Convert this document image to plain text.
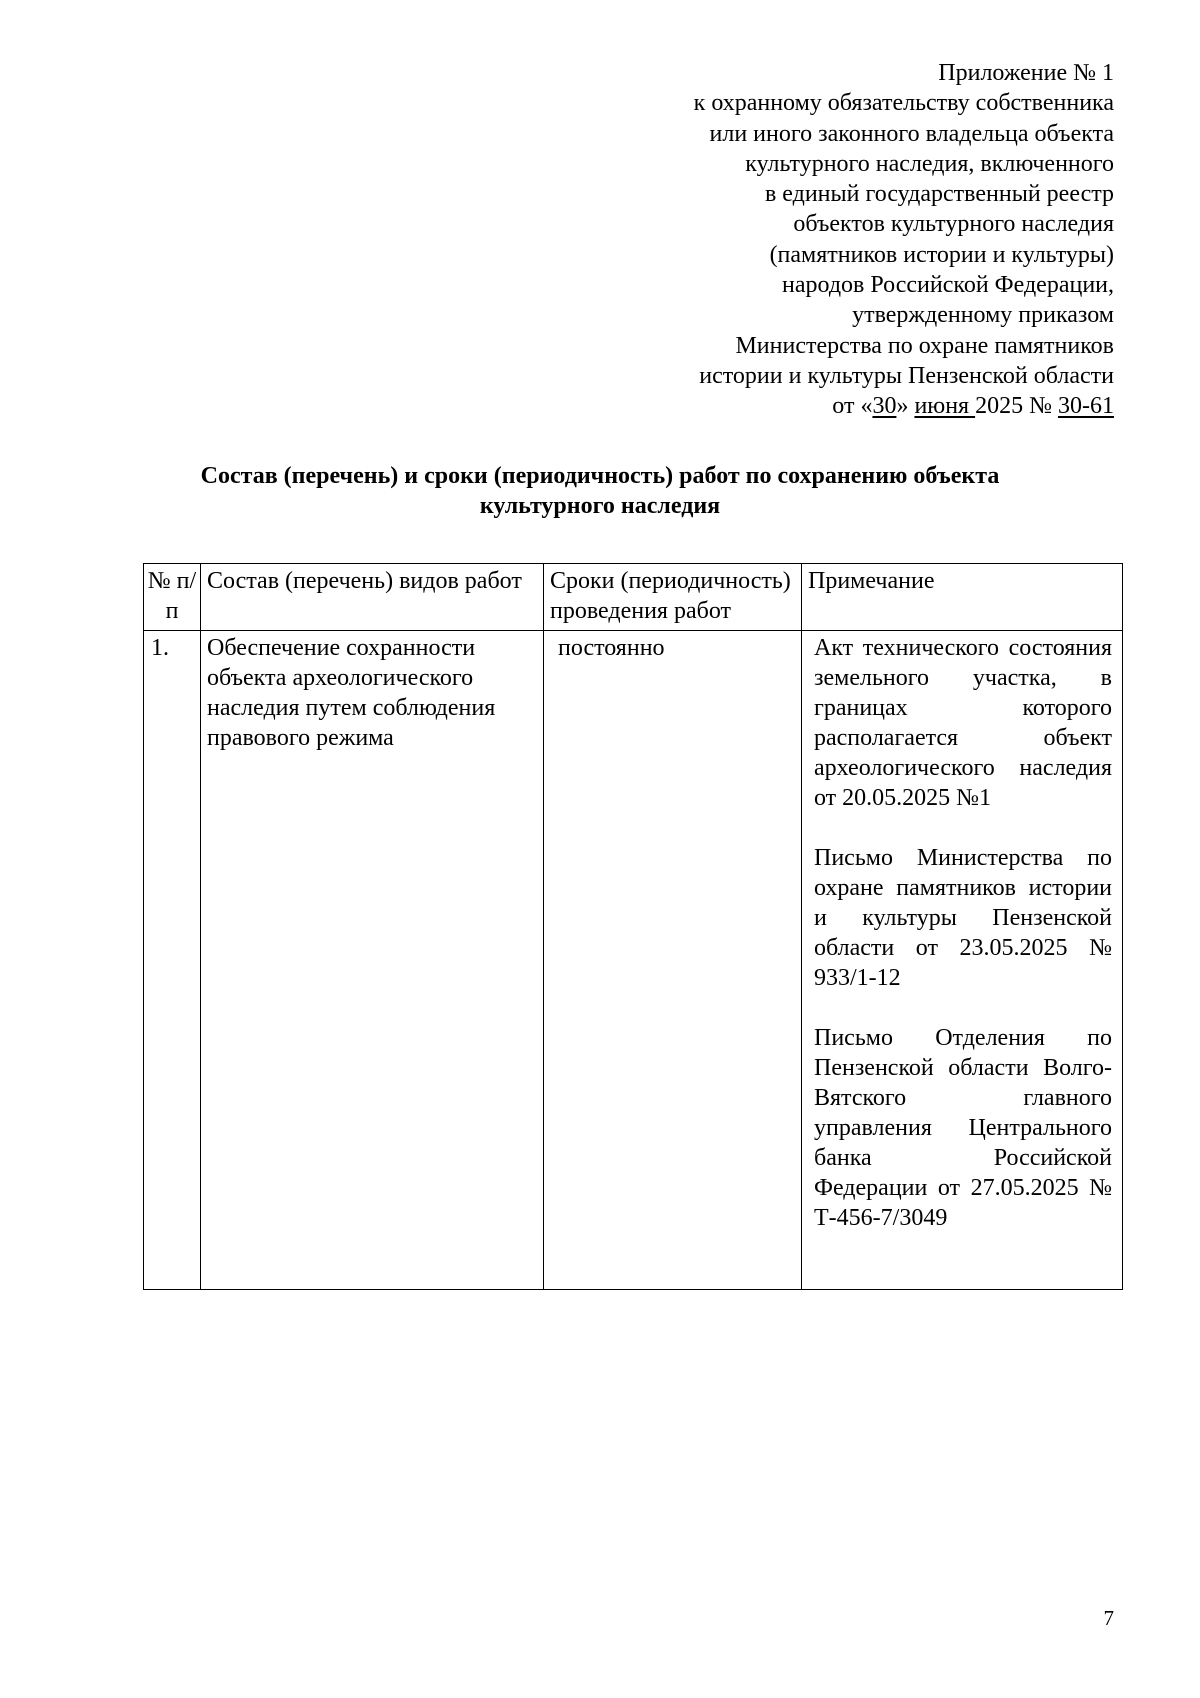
Приложение № 1
к охранному обязательству собственника
или иного законного владельца объекта
культурного наследия, включенного
в единый государственный реестр
объектов культурного наследия
(памятников истории и культуры)
народов Российской Федерации,
утвержденному приказом
Министерства по охране памятников
истории и культуры Пензенской области
от «30» июня 2025 № 30-61
Состав (перечень) и сроки (периодичность) работ по сохранению объекта
культурного наследия
№ п/п	Состав (перечень) видов работ	Сроки (периодичность) проведения работ	Примечание
1.	Обеспечение сохранности объекта археологического наследия путем соблюдения правового режима	постоянно	Акт технического состояния земельного участка, в границах которого располагается объект археологического наследия от 20.05.2025 №1
Письмо Министерства по охране памятников истории и культуры Пензенской области от 23.05.2025 № 933/1-12
Письмо Отделения по Пензенской области Волго-Вятского главного управления Центрального банка Российской Федерации от 27.05.2025 № Т-456-7/3049
7
